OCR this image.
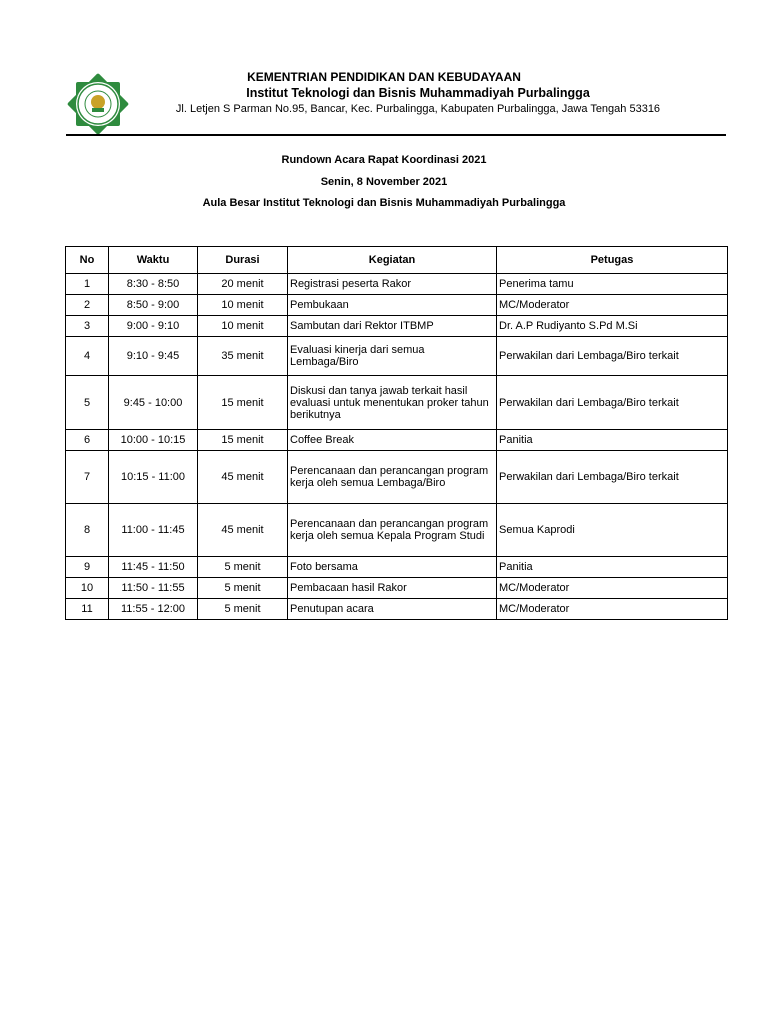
KEMENTRIAN PENDIDIKAN DAN KEBUDAYAAN
Institut Teknologi dan Bisnis Muhammadiyah Purbalingga
Jl. Letjen S Parman No.95, Bancar, Kec. Purbalingga, Kabupaten Purbalingga, Jawa Tengah 53316
Rundown Acara Rapat Koordinasi 2021
Senin, 8 November 2021
Aula Besar Institut Teknologi dan Bisnis Muhammadiyah Purbalingga
No	Waktu	Durasi	Kegiatan	Petugas
1	8:30 - 8:50	20 menit	Registrasi peserta Rakor	Penerima tamu
2	8:50 - 9:00	10 menit	Pembukaan	MC/Moderator
3	9:00 - 9:10	10 menit	Sambutan dari Rektor ITBMP	Dr. A.P Rudiyanto S.Pd M.Si
4	9:10 - 9:45	35 menit	Evaluasi kinerja dari semua Lembaga/Biro	Perwakilan dari Lembaga/Biro terkait
5	9:45 - 10:00	15 menit	Diskusi dan tanya jawab terkait hasil evaluasi untuk menentukan proker tahun berikutnya	Perwakilan dari Lembaga/Biro terkait
6	10:00 - 10:15	15 menit	Coffee Break	Panitia
7	10:15 - 11:00	45 menit	Perencanaan dan perancangan program kerja oleh semua Lembaga/Biro	Perwakilan dari Lembaga/Biro terkait
8	11:00 - 11:45	45 menit	Perencanaan dan perancangan program kerja oleh semua Kepala Program Studi	Semua Kaprodi
9	11:45 - 11:50	5 menit	Foto bersama	Panitia
10	11:50 - 11:55	5 menit	Pembacaan hasil Rakor	MC/Moderator
11	11:55 - 12:00	5 menit	Penutupan acara	MC/Moderator
